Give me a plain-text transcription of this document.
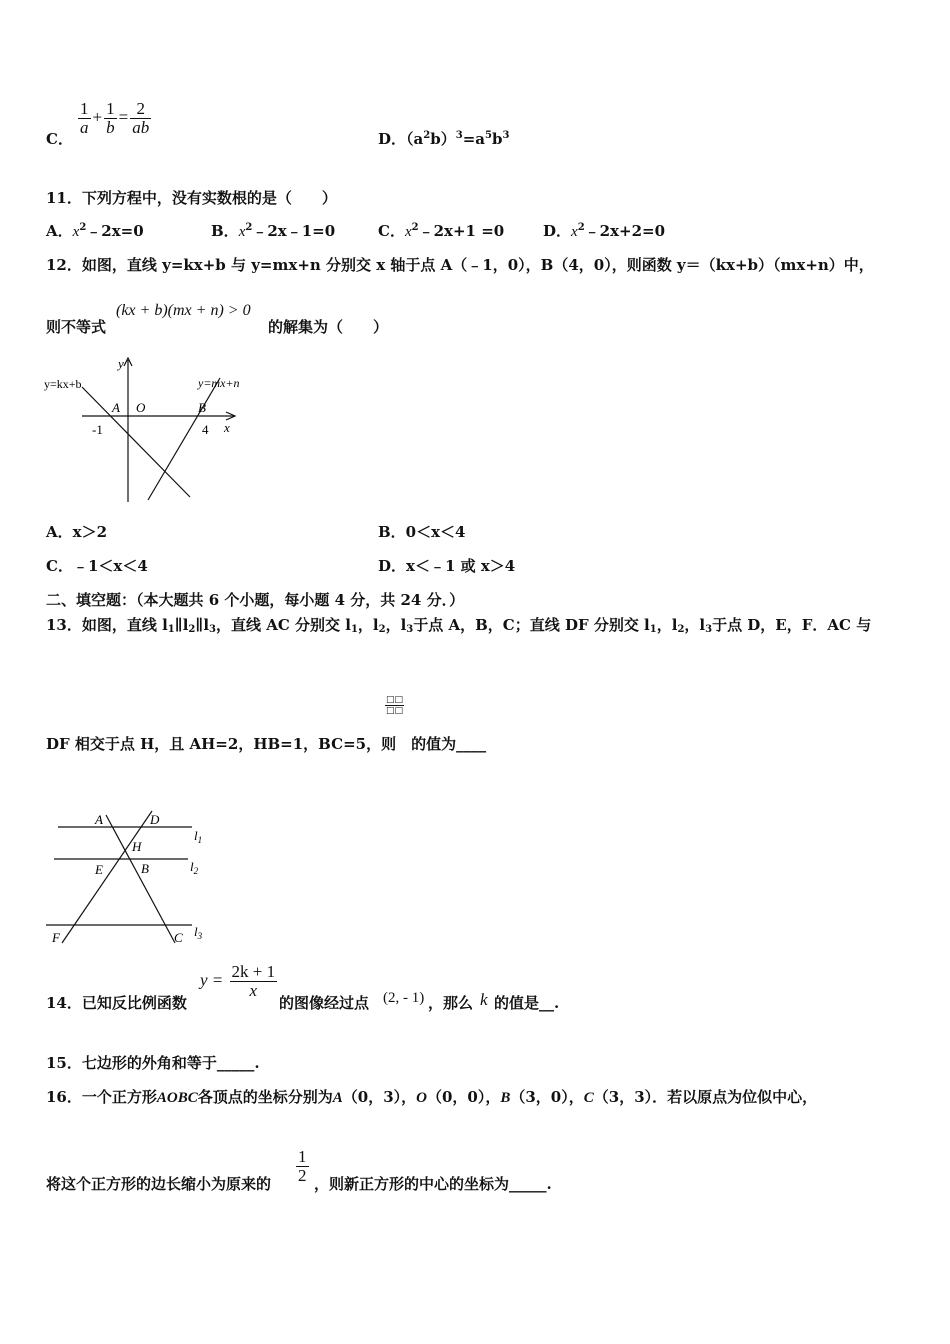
C．
$\frac{1}{a} + \frac{1}{b} = \frac{2}{ab}$
D．$(a^2b)^3=a^5b^3$
11．下列方程中，没有实数根的是（　　）
A．$x^2﹣2x=0$	B．$x^2﹣2x﹣1=0$	C．$x^2﹣2x+1 =0$	D．$x^2﹣2x+2=0$
12．如图，直线 y=kx+b 与 y=mx+n 分别交 x 轴于点 A（﹣1，0），B（4，0），则函数 y＝（kx+b）（mx+n）中，
则不等式
(kx + b)(mx + n) > 0
的解集为（　　）
y=kx+b	y=mx+n
y
x
A O	B
-1	4
A．x＞2	B．0＜x＜4
C．﹣1＜x＜4	D．x＜﹣1 或 x＞4
二、填空题：（本大题共 6 个小题，每小题 4 分，共 24 分．）
13．如图，直线 $l_1\parallel l_2\parallel l_3$，直线 AC 分别交 $l_1$，$l_2$，$l_3$于点 A，B，C；直线 DF 分别交 $l_1$，$l_2$，$l_3$于点 D，E，F．AC 与
□□
□□
DF 相交于点 H，且 AH=2，HB=1，BC=5，则　的值为____
A	D
H
E	B
F	C
$l_1$
$l_2$
$l_3$
14．已知反比例函数
$y = \frac{2k + 1}{x}$
的图像经过点 (2, - 1) ，那么 k 的值是__.
15．七边形的外角和等于_____.
16．一个正方形AOBC各顶点的坐标分别为A（0，3），O（0，0），B（3，0），C（3，3）．若以原点为位似中心，
将这个正方形的边长缩小为原来的 $\frac{1}{2}$ ，则新正方形的中心的坐标为_____.
